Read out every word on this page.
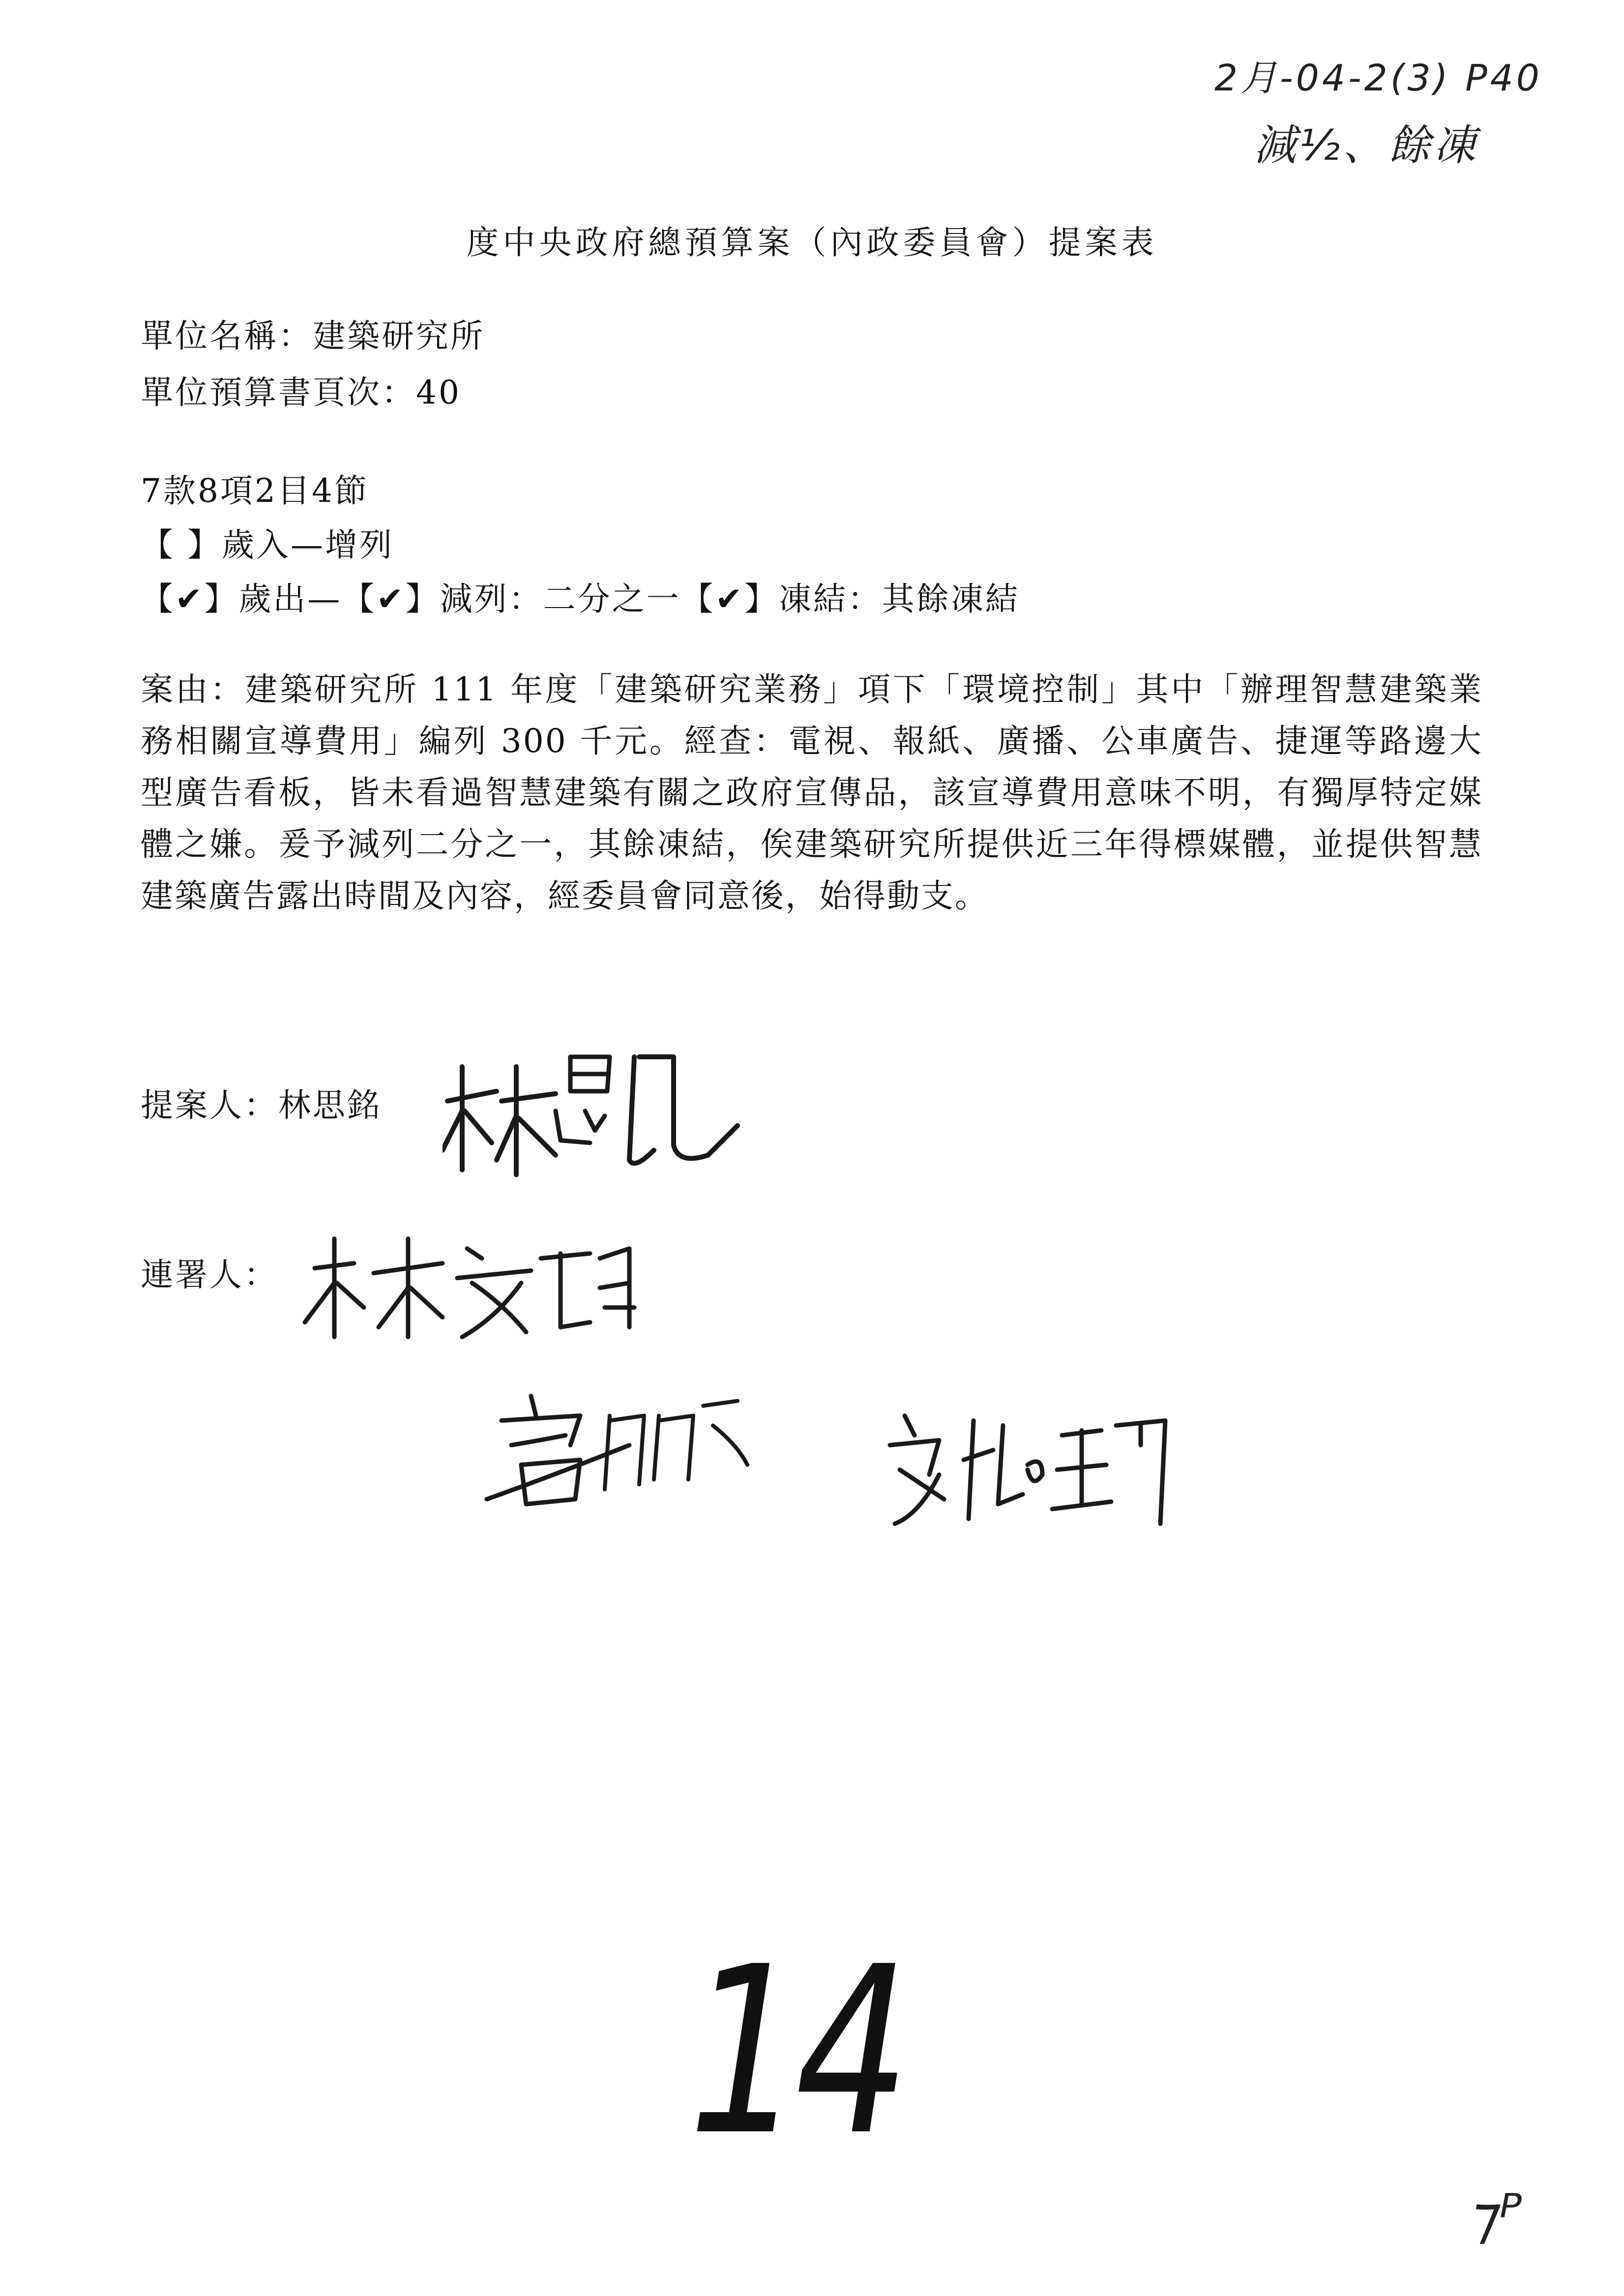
2月-04-2(3) P40
減½、餘凍
度中央政府總預算案（內政委員會）提案表
單位名稱：建築研究所
單位預算書頁次：40
7款8項2目4節
【 】歲入—增列
【✔】歲出—【✔】減列：二分之一【✔】凍結：其餘凍結
案由：建築研究所 111 年度「建築研究業務」項下「環境控制」其中「辦理智慧建築業務相關宣導費用」編列 300 千元。經查：電視、報紙、廣播、公車廣告、捷運等路邊大型廣告看板，皆未看過智慧建築有關之政府宣傳品，該宣導費用意味不明，有獨厚特定媒體之嫌。爰予減列二分之一，其餘凍結，俟建築研究所提供近三年得標媒體，並提供智慧建築廣告露出時間及內容，經委員會同意後，始得動支。
提案人：林思銘
連署人：
14
⁊ᴾ
